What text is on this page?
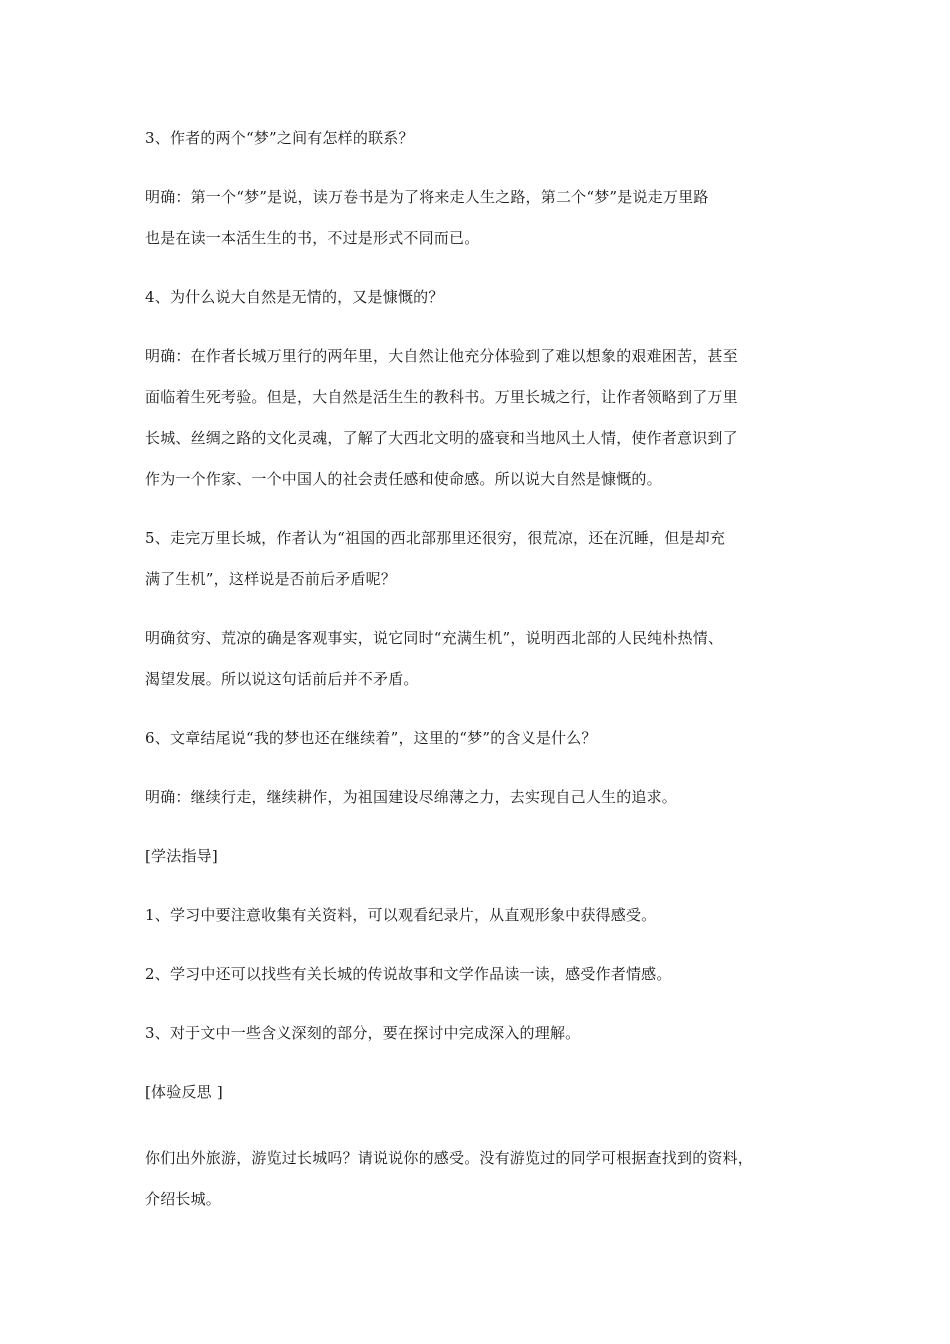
3、作者的两个“梦”之间有怎样的联系？
明确：第一个“梦”是说，读万卷书是为了将来走人生之路，第二个“梦”是说走万里路
也是在读一本活生生的书，不过是形式不同而已。
4、为什么说大自然是无情的，又是慷慨的？
明确：在作者长城万里行的两年里，大自然让他充分体验到了难以想象的艰难困苦，甚至
面临着生死考验。但是，大自然是活生生的教科书。万里长城之行，让作者领略到了万里
长城、丝绸之路的文化灵魂，了解了大西北文明的盛衰和当地风土人情，使作者意识到了
作为一个作家、一个中国人的社会责任感和使命感。所以说大自然是慷慨的。
5、走完万里长城，作者认为“祖国的西北部那里还很穷，很荒凉，还在沉睡，但是却充
满了生机”，这样说是否前后矛盾呢？
明确贫穷、荒凉的确是客观事实，说它同时“充满生机”，说明西北部的人民纯朴热情、
渴望发展。所以说这句话前后并不矛盾。
6、文章结尾说“我的梦也还在继续着”，这里的“梦”的含义是什么？
明确：继续行走，继续耕作，为祖国建设尽绵薄之力，去实现自己人生的追求。
[学法指导]
1、学习中要注意收集有关资料，可以观看纪录片，从直观形象中获得感受。
2、学习中还可以找些有关长城的传说故事和文学作品读一读，感受作者情感。
3、对于文中一些含义深刻的部分，要在探讨中完成深入的理解。
[体验反思 ]
你们出外旅游，游览过长城吗？请说说你的感受。没有游览过的同学可根据查找到的资料，
介绍长城。
